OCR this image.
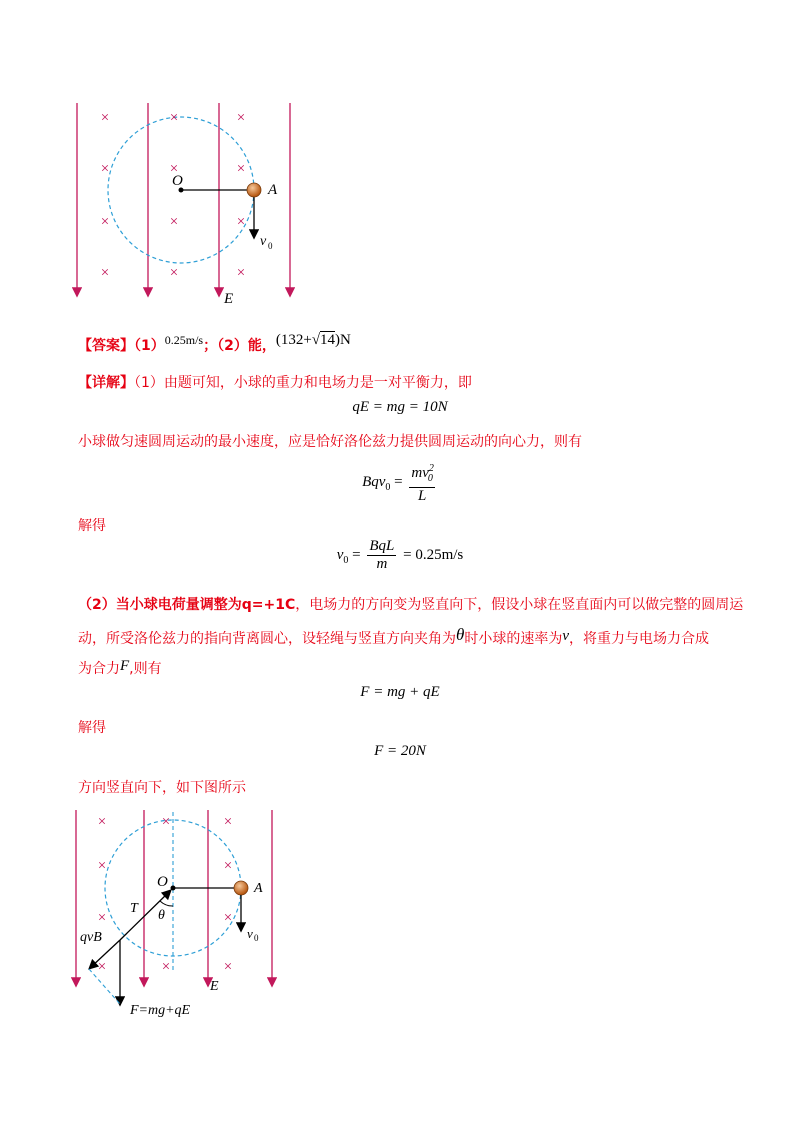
×	×	×
×	×	×
×	×	×
×	×	×
O
A
v 0
E
【答案】（1）0.25m/s；（2）能，(132+√14)N
【详解】（1）由题可知，小球的重力和电场力是一对平衡力，即
qE = mg = 10N
小球做匀速圆周运动的最小速度，应是恰好洛伦兹力提供圆周运动的向心力，则有
$Bqv_0 = \frac{mv^2_0}{L}$
解得
$v_0 = \frac{\text{BqL}}{m} = 0.25m/s$
（2）当小球电荷量调整为q=+1C，电场力的方向变为竖直向下，假设小球在竖直面内可以做完整的圆周运
动，所受洛伦兹力的指向背离圆心，设轻绳与竖直方向夹角为θ时小球的速率为v，将重力与电场力合成
为合力F,则有
F = mg + qE
解得
F = 20N
方向竖直向下，如下图所示
×	×	×
×	×
×	×
×	×	×
O	A
T θ
qvB	v 0
E
F=mg+qE
